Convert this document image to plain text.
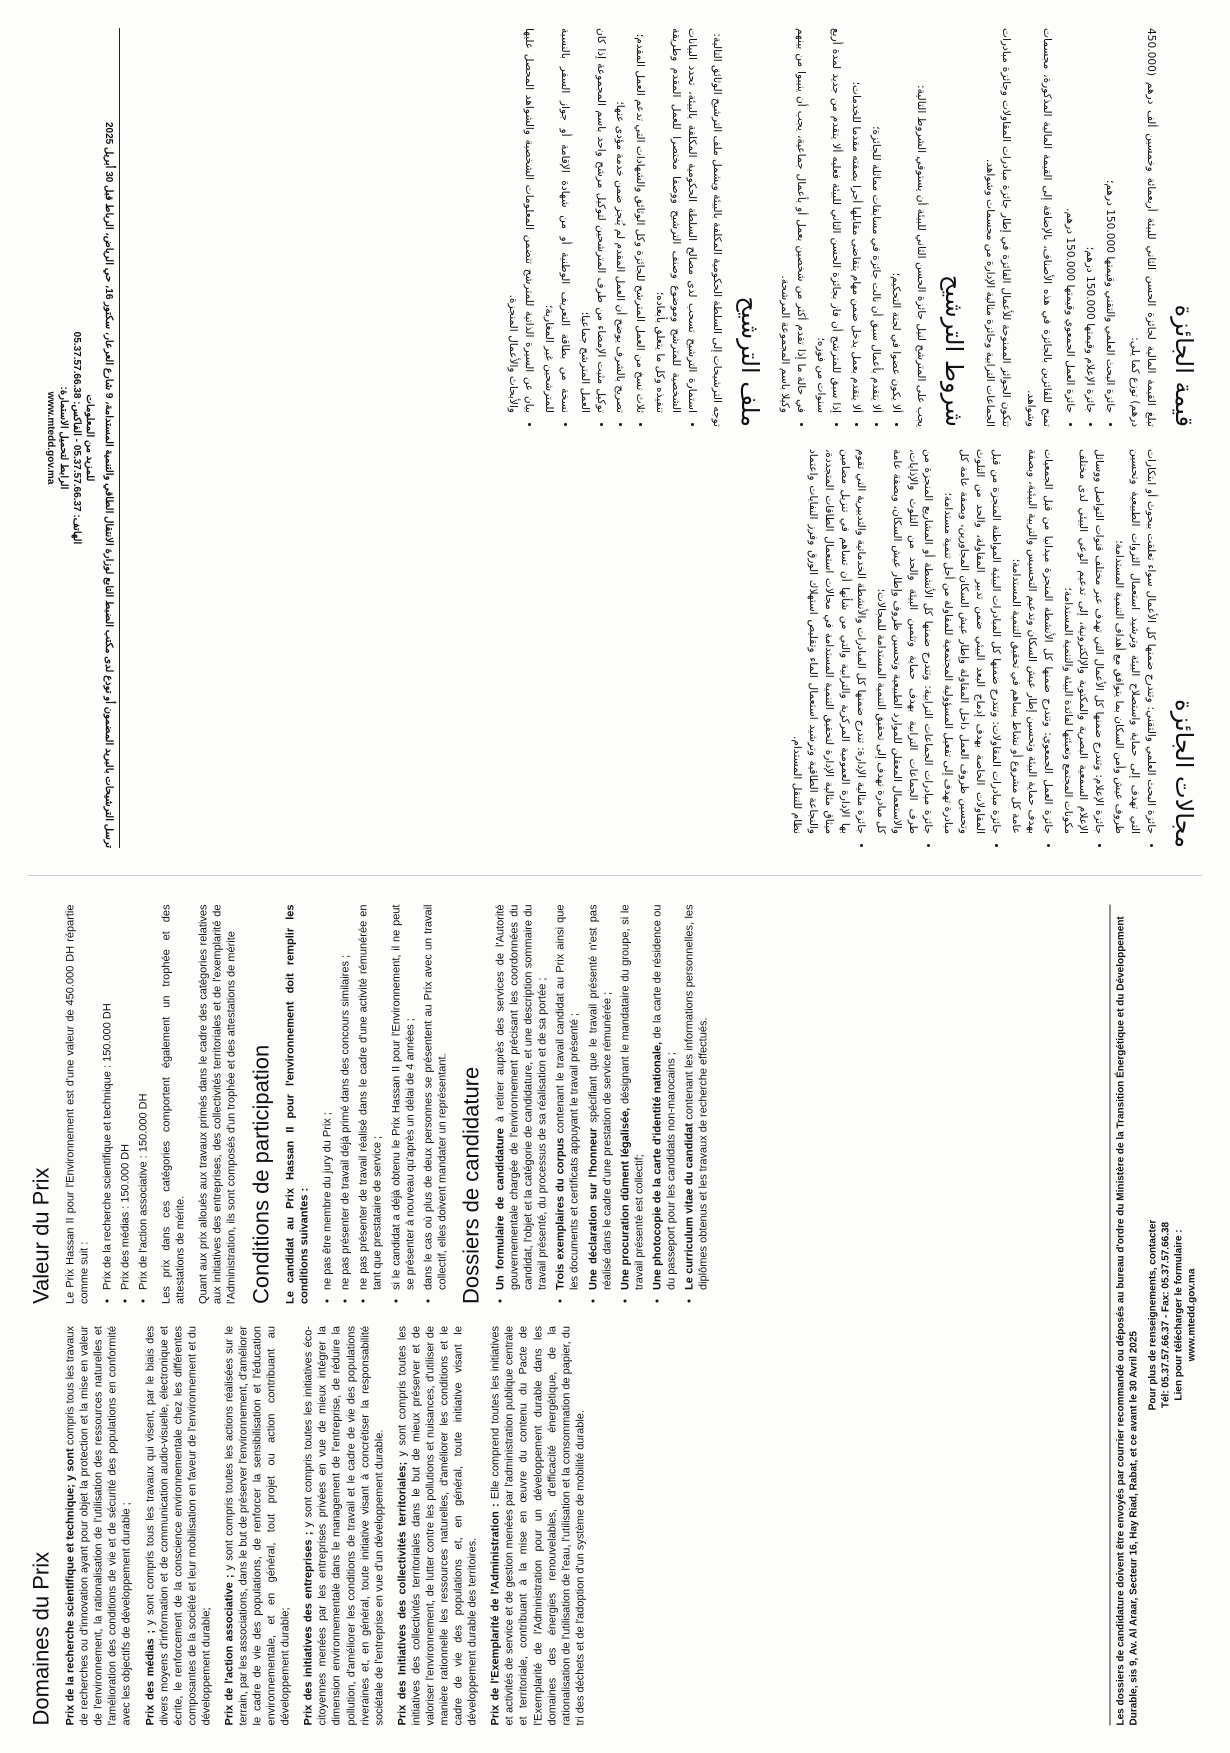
مجالات الجائزة
• جائزة البحث العلمي والتقني: وتندرج ضمنها كل الأعمال سواء تعلقت ببحوث أو ابتكارات التي تهدف إلى حماية واستصلاح البيئة وترشيد استعمال الثروات الطبيعية وتحسين ظروف عيش وأمن السكان بما يتوافق مع أهداف التنمية المستدامة؛
• جائزة الإعلام: وتندرج ضمنها كل الأعمال التي تهدف عبر مختلف قنوات التواصل ووسائل الإعلام السمعية البصرية والمكتوبة والإلكترونية، إلى تدعيم الوعي البيئي لدى مختلف مكونات المجتمع وتعبئتها لفائدة البيئة والتنمية المستدامة؛
• جائزة العمل الجمعوي: وتندرج ضمنها كل الأنشطة المنجزة ميدانيا من قبل الجمعيات بهدف حماية البيئة وتحسين إطار عيش السكان وتدعيم التحسيس والتربية البيئية، وبصفة عامة كل مشروع أو نشاط يساهم في تحقيق التنمية المستدامة؛
• جائزة مبادرات المقاولات: وتندرج ضمنها كل المبادرات البيئية المواطنة المنجزة من قبل المقاولات الخاصة بهدف إدماج البعد البيئي ضمن تدبير المقاولة، والحد من التلوث وتحسين ظروف العمل داخل المقاولة وإطار عيش السكان المجاورين، وبصفة عامة كل مبادرة تهدف إلى تفعيل المسؤولية المجتمعية للمقاولة من أجل تنمية مستدامة؛
• جائزة مبادرات الجماعات الترابية: وتندرج ضمنها كل الأنشطة أو المشاريع المنجزة من طرف الجماعات الترابية بهدف حماية وتثمين البيئة والحد من التلوث والإذايات، والاستعمال المعقلن للموارد الطبيعية وتحسين ظروف وإطار عيش السكان، وبصفة عامة كل مبادرة تهدف إلى تحقيق التنمية المستدامة للمجالات؛
• جائزة مثالية الإدارة: تندرج ضمنها كل المبادرات والأنشطة الخدماتية والتدبيرية التي تقوم بها الإدارة العمومية المركزية والترابية والتي من شأنها أن تساهم في تنزيل مضامين ميثاق مثالية الإدارة لتحقيق التنمية المستدامة في مجالات استعمال الطاقات المتجددة، والنجاعة الطاقية وترشيد استعمال الماء وتقليص استهلاك الورق وفرز النفايات واعتماد نظام للتنقل المستدام.
قيمة الجائزة

تبلغ القيمة المالية لجائزة الحسن الثاني للبيئة أربعمائة وخمسين ألف درهم (450.000 درهم) توزع كما يلي:

• جائزة البحث العلمي والتقني وقيمتها 150.000 درهم؛
• جائزة الإعلام وقيمتها 150.000 درهم؛
• جائزة العمل الجمعوي وقيمتها 150.000 درهم.

تمنح للفائزين بالجائزة في هذه الأصناف، بالإضافة إلى القيمة المالية المذكورة، مجسمات وشواهد.

تتكون الجوائز الممنوحة للأعمال الفائزة في إطار جائزة مبادرات المقاولات وجائزة مبادرات الجماعات الترابية وجائزة مثالية الإدارة من مجسمات وشواهد.

شروط الترشيح

يجب على المترشح لنيل جائزة الحسن الثاني للبيئة أن يستوفي الشروط التالية:

• ألا يكون عضوا في لجنة التحكيم؛
• ألا يتقدم بأعمال سبق أن نالت جائزة في مسابقات مماثلة للجائزة؛
• ألا يتقدم بعمل يدخل ضمن مهام يتقاضى مقابلها أجرا بصفته مقدما للخدمات؛
• إذا سبق للمترشح أن فاز بجائزة الحسن الثاني للبيئة فعليه ألا يتقدم من جديد لمدة أربع سنوات من فوزه؛
• في حالة ما إذا تقدم أكثر من شخصين بعمل أو بأعمال جماعية، يجب أن ينيبوا من بينهم وكيلا باسم المجموعة المرشحة.
ملف الترشيح

توجه الترشيحات إلى السلطة الحكومية المكلفة بالبيئة ويشمل ملف الترشيح الوثائق التالية:

• استمارة الترشيح تسحب لدى مصالح السلطة الحكومية المكلفة بالبيئة، تحدد البيانات الشخصية للمترشح وموضوع وصنف الترشيح ووصفا مختصرا للعمل المقدم وطريقة تنفيذه وكل ما يتعلق بأبعاده؛
• ثلاث نسخ من العمل المترشح للجائزة وكل الوثائق والشهادات التي تدعم العمل المقدم؛
• تصريح بالشرف يوضح أن العمل المقدم لم يُنجز ضمن خدمة مؤدى عنها؛
• توكيل مثبت الإمضاء من طرف المترشحين لتوكيل مرشح واحد باسم المجموعة إذا كان العمل المترشح جماعيا؛
• نسخة من بطاقة التعريف الوطنية أو من شهادة الإقامة أو جواز السفر بالنسبة للمترشحين غير المغاربة؛
• بيان عن السيرة الذاتية للمترشح تتضمن المعلومات الشخصية والشواهد المحصل عليها والأبحاث والأعمال المنجزة.
ترسل الترشيحات بالبريد المضمون أو تودع لدى مكتب الضبط التابع لوزارة الانتقال الطاقي والتنمية المستدامة، 9 شارع العرعار، سكتور 16، حي الرياض، الرباط قبل 30 أبريل 2025
للمزيد من المعلومات
الهاتف: 05.37.57.66.37 - الفاكس: 05.37.57.66.38
الرابط لتحميل الاستمارة:
www.mtedd.gov.ma
Domaines du Prix Prix de la recherche scientifique et technique; y sont compris tous les travaux de recherches ou d'innovation ayant pour objet la protection et la mise en valeur de l'environnement, la rationalisation de l'utilisation des ressources naturelles et l'amélioration des conditions de vie et de sécurité des populations en conformité avec les objectifs de développement durable ; Prix des médias ; y sont compris tous les travaux qui visent, par le biais des divers moyens d'information et de communication audio-visuelle, électronique et écrite, le renforcement de la conscience environnementale chez les différentes composantes de la société et leur mobilisation en faveur de l'environnement et du développement durable; Prix de l'action associative ; y sont compris toutes les actions réalisées sur le terrain, par les associations, dans le but de préserver l'environnement, d'améliorer le cadre de vie des populations, de renforcer la sensibilisation et l'éducation environnementale, et en général, tout projet ou action contribuant au développement durable; Prix des initiatives des entreprises ; y sont compris toutes les initiatives éco-citoyennes menées par les entreprises privées en vue de mieux intégrer la dimension environnementale dans le management de l'entreprise, de réduire la pollution, d'améliorer les conditions de travail et le cadre de vie des populations riveraines et, en général, toute initiative visant à concrétiser la responsabilité sociétale de l'entreprise en vue d'un développement durable. Prix des Initiatives des collectivités territoriales; y sont compris toutes les initiatives des collectivités territoriales dans le but de mieux préserver et de valoriser l'environnement, de lutter contre les pollutions et nuisances, d'utiliser de manière rationnelle les ressources naturelles, d'améliorer les conditions et le cadre de vie des populations et, en général, toute initiative visant le développement durable des territoires. Prix de l'Exemplarité de l'Administration : Elle comprend toutes les initiatives et activités de service et de gestion menées par l'administration publique centrale et territoriale, contribuant à la mise en œuvre du contenu du Pacte de l'Exemplarité de l'Administration pour un développement durable dans les domaines des énergies renouvelables, d'efficacité énergétique, de la rationalisation de l'utilisation de l'eau, l'utilisation et la consommation de papier, du tri des déchets et de l'adoption d'un système de mobilité durable.

Valeur du Prix Le Prix Hassan II pour l'Environnement est d'une valeur de 450.000 DH répartie comme suit : • Prix de la recherche scientifique et technique : 150.000 DH • Prix des médias : 150.000 DH • Prix de l'action associative : 150.000 DH Les prix dans ces catégories comportent également un trophée et des attestations de mérite. Quant aux prix alloués aux travaux primés dans le cadre des catégories relatives aux initiatives des entreprises, des collectivités territoriales et de l'exemplarité de l'Administration, ils sont composés d'un trophée et des attestations de mérite Conditions de participation Le candidat au Prix Hassan II pour l'environnement doit remplir les conditions suivantes : • ne pas être membre du jury du Prix ; • ne pas présenter de travail déjà primé dans des concours similaires ; • ne pas présenter de travail réalisé dans le cadre d'une activité rémunérée en tant que prestataire de service ; • si le candidat a déjà obtenu le Prix Hassan II pour l'Environnement, il ne peut se présenter à nouveau qu'après un délai de 4 années ; • dans le cas où plus de deux personnes se présentent au Prix avec un travail collectif, elles doivent mandater un représentant. Dossiers de candidature • Un formulaire de candidature à retirer auprès des services de l'Autorité gouvernementale chargée de l'environnement précisant les coordonnées du candidat, l'objet et la catégorie de candidature, et une description sommaire du travail présenté, du processus de sa réalisation et de sa portée ; • Trois exemplaires du corpus contenant le travail candidat au Prix ainsi que les documents et certificats appuyant le travail présenté ; • Une déclaration sur l'honneur spécifiant que le travail présenté n'est pas réalisé dans le cadre d'une prestation de service rémunérée ; • Une procuration dûment légalisée, désignant le mandataire du groupe, si le travail présenté est collectif; • Une photocopie de la carte d'identité nationale, de la carte de résidence ou du passeport pour les candidats non-marocains ; • Le curriculum vitae du candidat contenant les informations personnelles, les diplômes obtenus et les travaux de recherche effectués.	Les dossiers de candidature doivent être envoyés par courrier recommandé ou déposés au bureau d'ordre du Ministère de la Transition Énergétique et du Développement Durable, sis 9, Av. Al Araar, Secteur 16, Hay Riad, Rabat, et ce avant le 30 Avril 2025
Pour plus de renseignements, contacter Tél: 05.37.57.66.37 - Fax: 05.37.57.66.38 Lien pour télécharger le formulaire : www.mtedd.gov.ma
